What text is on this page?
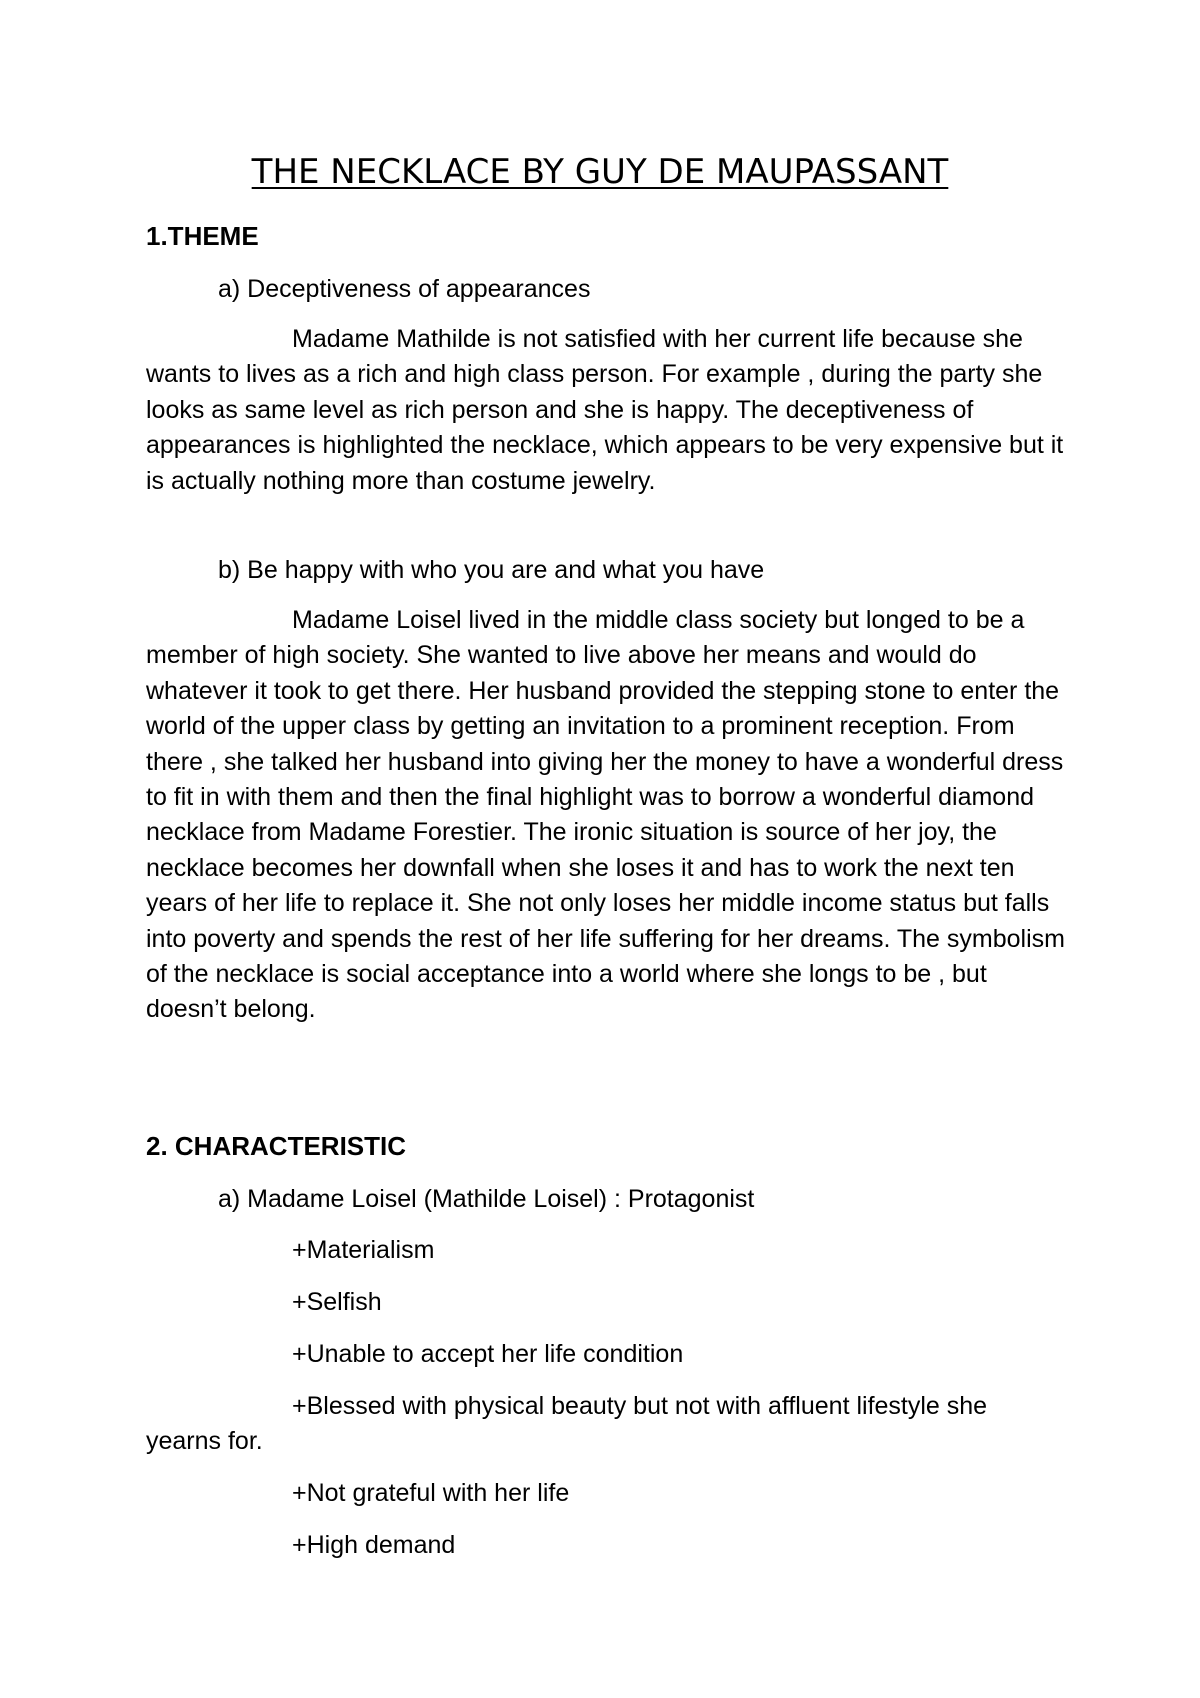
THE NECKLACE BY GUY DE MAUPASSANT
1.THEME
a) Deceptiveness of appearances

Madame Mathilde is not satisfied with her current life because she wants to lives as a rich and high class person. For example , during the party she looks as same level as rich person and she is happy. The deceptiveness of appearances is highlighted the necklace, which appears to be very expensive but it is actually nothing more than costume jewelry.

b) Be happy with who you are and what you have

Madame Loisel lived in the middle class society but longed to be a member of high society. She wanted to live above her means and would do whatever it took to get there. Her husband provided the stepping stone to enter the world of the upper class by getting an invitation to a prominent reception. From there , she talked her husband into giving her the money to have a wonderful dress to fit in with them and then the final highlight was to borrow a wonderful diamond necklace from Madame Forestier. The ironic situation is source of her joy, the necklace becomes her downfall when she loses it and has to work the next ten years of her life to replace it. She not only loses her middle income status but falls into poverty and spends the rest of her life suffering for her dreams. The symbolism of the necklace is social acceptance into a world where she longs to be , but doesn’t belong.

2. CHARACTERISTIC
a) Madame Loisel (Mathilde Loisel) : Protagonist
+Materialism
+Selfish
+Unable to accept her life condition

+Blessed with physical beauty but not with affluent lifestyle she yearns for.

+Not grateful with her life
+High demand
